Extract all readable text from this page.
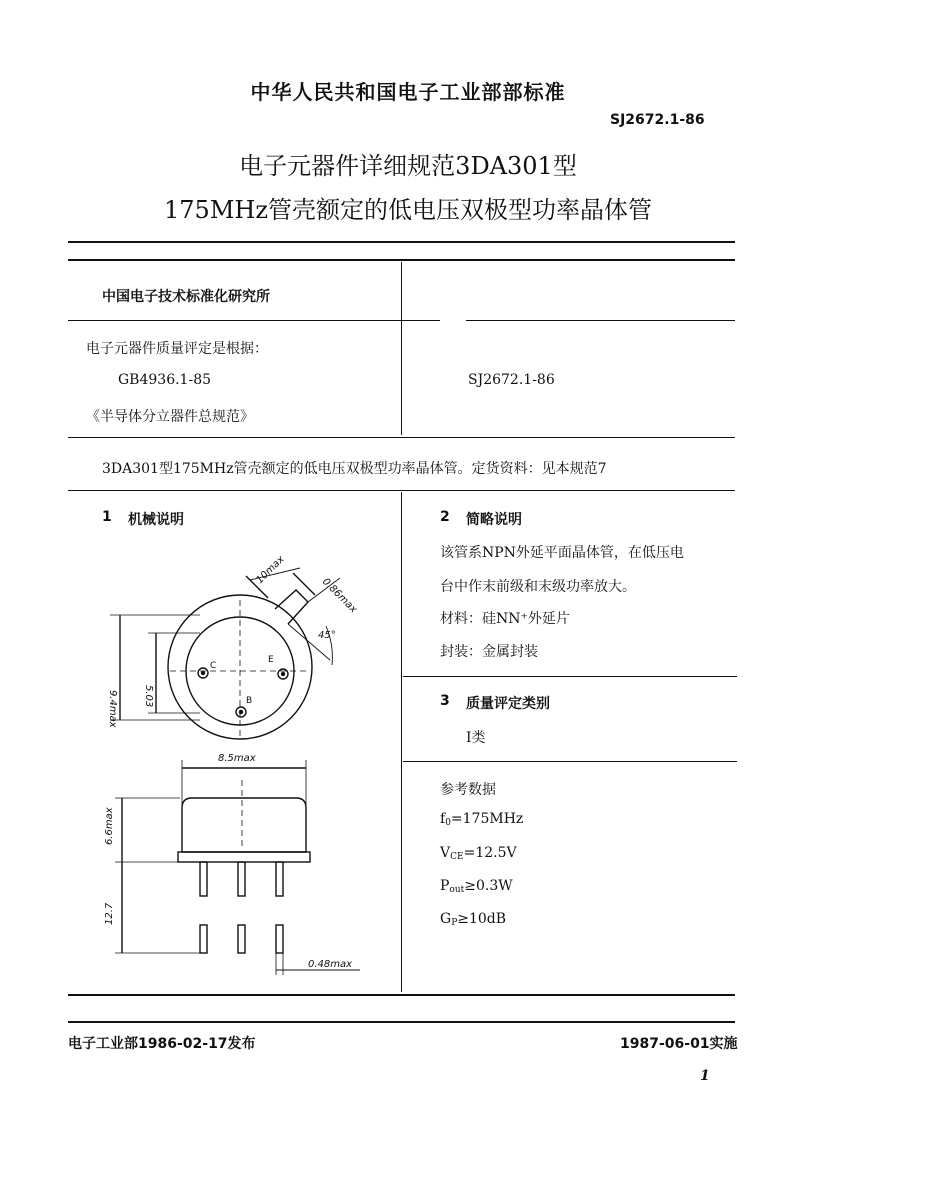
中华人民共和国电子工业部部标准
SJ2672.1-86
电子元器件详细规范3DA301型
175MHz管壳额定的低电压双极型功率晶体管
中国电子技术标准化研究所
电子元器件质量评定是根据：
GB4936.1-85
《半导体分立器件总规范》
SJ2672.1-86
3DA301型175MHz管壳额定的低电压双极型功率晶体管。定货资料：见本规范7
1 机械说明
10max
0.86max
45°
9.4max	5.03
8.5max
6.6max
12.7
0.48max
C
E
B
2 简略说明
该管系NPN外延平面晶体管，在低压电
台中作末前级和末级功率放大。
材料：硅NN⁺外延片
封装：金属封装
3 质量评定类别
I类
参考数据
$f_0=175MHz$
$V_{CE}=12.5V$
$P_{out}\ge 0.3W$
$G_P\ge 10dB$
电子工业部1986-02-17发布	1987-06-01实施
1
